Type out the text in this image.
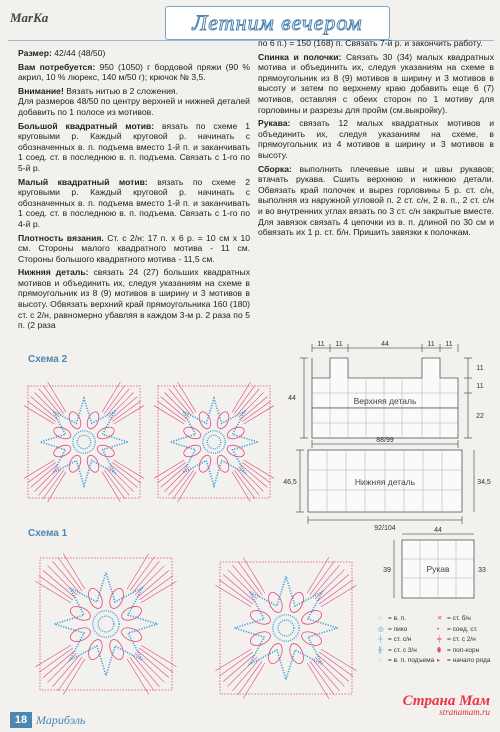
MarKa	Летним вечером

Размер: 42/44 (48/50)

Вам потребуется: 950 (1050) г бордовой пряжи (90 % акрил, 10 % люрекс, 140 м/50 г); крючок № 3,5.

Внимание! Вязать нитью в 2 сложения.

Для размеров 48/50 по центру верхней и нижней деталей добавить по 1 полосе из мотивов.

Большой квадратный мотив: вязать по схеме 1 круговыми р. Каждый круговой р. начинать с обозначенных в. п. подъема вместо 1-й п. и заканчивать 1 соед. ст. в последнюю в. п. подъема. Связать с 1-го по 5-й р.

Малый квадратный мотив: вязать по схеме 2 круговыми р. Каждый круговой р. начинать с обозначенных в. п. подъема вместо 1-й п. и заканчивать 1 соед. ст. в последнюю в. п. подъема. Связать с 1-го по 4-й р.

Плотность вязания. Ст. с 2/н: 17 п. x 6 р. = 10 см x 10 см. Стороны малого квадратного мотива - 11 см. Стороны большого квадратного мотива - 11,5 см.

Нижняя деталь: связать 24 (27) больших квадратных мотивов и объединить их, следуя указаниям на схеме в прямоугольник из 8 (9) мотивов в ширину и 3 мотивов в высоту. Обвязать верхний край прямоугольника 160 (180) ст. с 2/н, равномерно убавляя в каждом 3-м р. 2 раза по 5 п. (2 раза

по 6 п.) = 150 (168) п. Связать 7-й р. и закончить работу.

Спинка и полочки: Связать 30 (34) малых квадратных мотива и объединить их, следуя указаниям на схеме в прямоугольник из 8 (9) мотивов в ширину и 3 мотивов в высоту и затем по верхнему краю добавить еще 6 (7) мотивов, оставляя с обеих сторон по 1 мотиву для горловины и разрезы для пройм (см.выкройку).

Рукава: связать 12 малых квадратных мотивов и объединить их, следуя указаниям на схеме, в прямоугольник из 4 мотивов в ширину и 3 мотивов в высоту.

Сборка: выполнить плечевые швы и швы рукавов; втачать рукава. Сшить верхнюю и нижнюю детали. Обвязать край полочек и вырез горловины 5 р. ст. с/н, выполняя из наружной угловой п. 2 ст. с/н, 2 в. п., 2 ст. с/н и во внутренних углах вязать по 3 ст. с/н закрытые вместе. Для завязок связать 4 цепочки из в. п. длиной по 30 см и обвязать их 1 р. ст. б/н. Пришить завязки к полочкам.

11 11	44	11 11
44
11
11
22
88/99
46,5	34,5
92/104	44
39	33
Верхняя деталь
Нижняя деталь
Рукав
Схема 2
Схема 1
○ = в. п.	✕ = ст. б/н
◎ = пико	• = соед. ст.
┼ = ст. с/н	╪ = ст. с 2/н
╫ = ст. с 3/н	⬮ = поп-корн
◌ = в. п. подъема ▸ = начало ряда
Страна Мам
stranamam.ru
18 Марибэль
